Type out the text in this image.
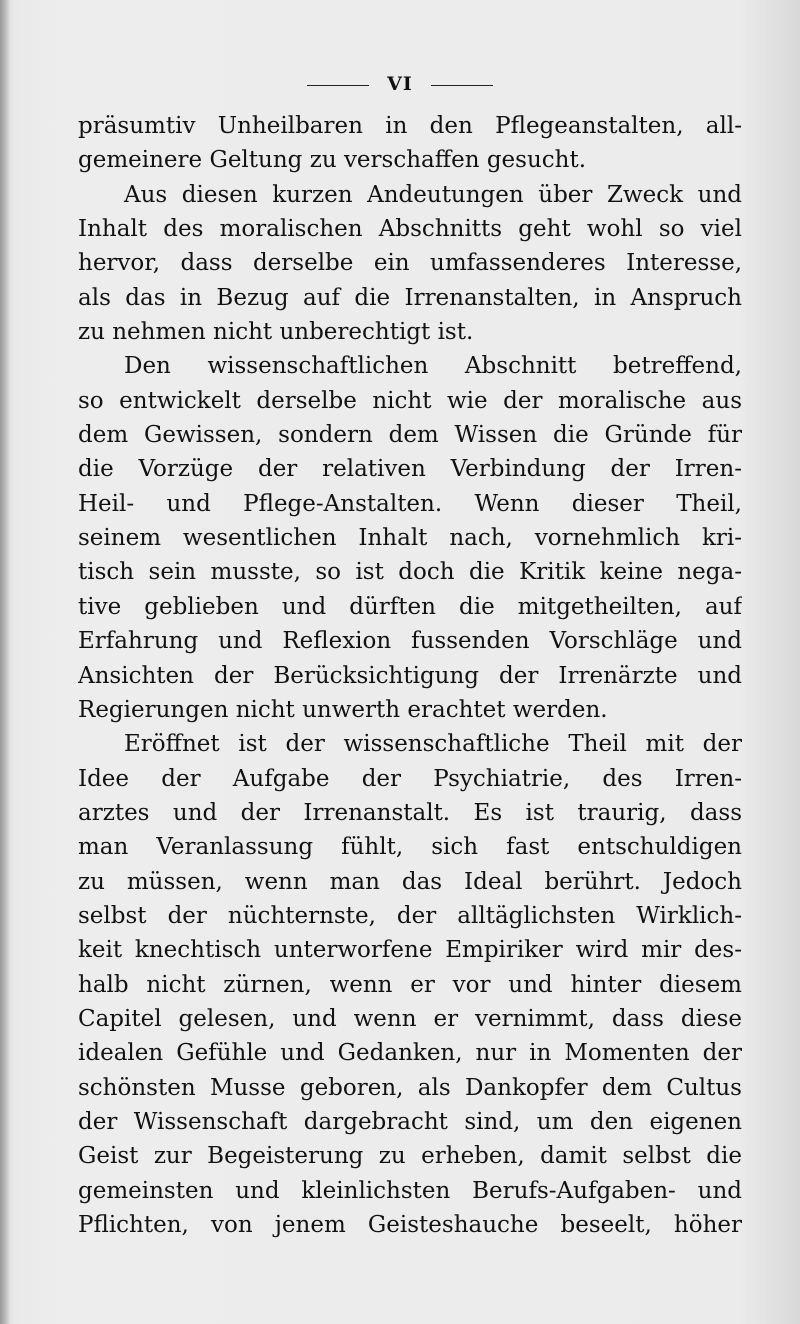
VI
präsumtiv Unheilbaren in den Pflegeanstalten, all-
gemeinere Geltung zu verschaffen gesucht.
Aus diesen kurzen Andeutungen über Zweck und
Inhalt des moralischen Abschnitts geht wohl so viel
hervor, dass derselbe ein umfassenderes Interesse,
als das in Bezug auf die Irrenanstalten, in Anspruch
zu nehmen nicht unberechtigt ist.
Den wissenschaftlichen Abschnitt betreffend,
so entwickelt derselbe nicht wie der moralische aus
dem Gewissen, sondern dem Wissen die Gründe für
die Vorzüge der relativen Verbindung der Irren-
Heil- und Pflege-Anstalten. Wenn dieser Theil,
seinem wesentlichen Inhalt nach, vornehmlich kri-
tisch sein musste, so ist doch die Kritik keine nega-
tive geblieben und dürften die mitgetheilten, auf
Erfahrung und Reflexion fussenden Vorschläge und
Ansichten der Berücksichtigung der Irrenärzte und
Regierungen nicht unwerth erachtet werden.
Eröffnet ist der wissenschaftliche Theil mit der
Idee der Aufgabe der Psychiatrie, des Irren-
arztes und der Irrenanstalt. Es ist traurig, dass
man Veranlassung fühlt, sich fast entschuldigen
zu müssen, wenn man das Ideal berührt. Jedoch
selbst der nüchternste, der alltäglichsten Wirklich-
keit knechtisch unterworfene Empiriker wird mir des-
halb nicht zürnen, wenn er vor und hinter diesem
Capitel gelesen, und wenn er vernimmt, dass diese
idealen Gefühle und Gedanken, nur in Momenten der
schönsten Musse geboren, als Dankopfer dem Cultus
der Wissenschaft dargebracht sind, um den eigenen
Geist zur Begeisterung zu erheben, damit selbst die
gemeinsten und kleinlichsten Berufs-Aufgaben- und
Pflichten, von jenem Geisteshauche beseelt, höher
